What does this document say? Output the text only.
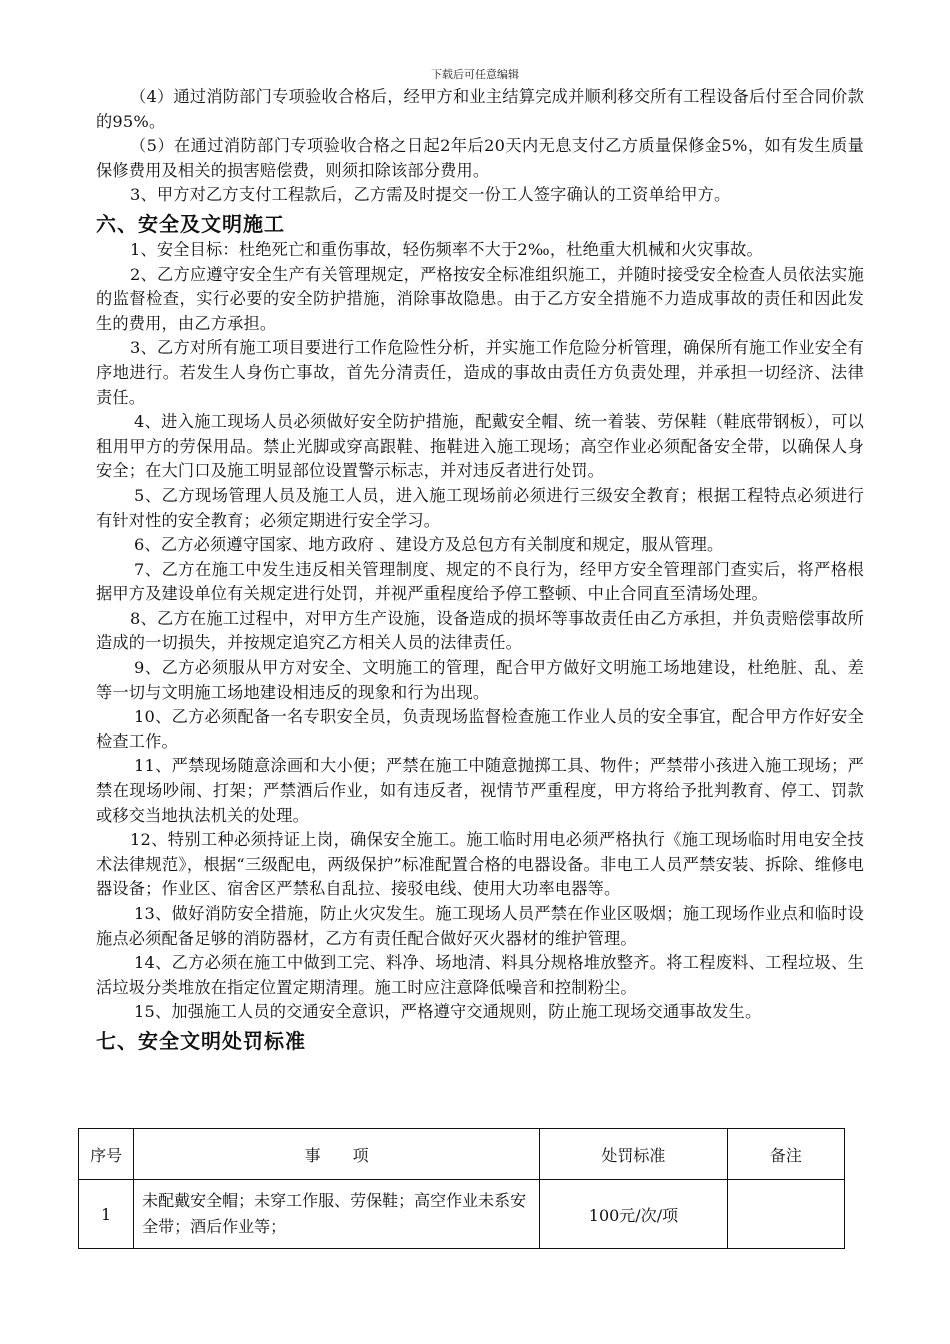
下载后可任意编辑

（4）通过消防部门专项验收合格后，经甲方和业主结算完成并顺利移交所有工程设备后付至合同价款的95%。

（5）在通过消防部门专项验收合格之日起2年后20天内无息支付乙方质量保修金5%，如有发生质量保修费用及相关的损害赔偿费，则须扣除该部分费用。

3、甲方对乙方支付工程款后，乙方需及时提交一份工人签字确认的工资单给甲方。

六、安全及文明施工

1、安全目标：杜绝死亡和重伤事故，轻伤频率不大于2‰，杜绝重大机械和火灾事故。

2、乙方应遵守安全生产有关管理规定，严格按安全标准组织施工，并随时接受安全检查人员依法实施的监督检查，实行必要的安全防护措施，消除事故隐患。由于乙方安全措施不力造成事故的责任和因此发生的费用，由乙方承担。

3、乙方对所有施工项目要进行工作危险性分析，并实施工作危险分析管理，确保所有施工作业安全有序地进行。若发生人身伤亡事故，首先分清责任，造成的事故由责任方负责处理，并承担一切经济、法律责任。

4、进入施工现场人员必须做好安全防护措施，配戴安全帽、统一着装、劳保鞋（鞋底带钢板），可以租用甲方的劳保用品。禁止光脚或穿高跟鞋、拖鞋进入施工现场；高空作业必须配备安全带，以确保人身安全；在大门口及施工明显部位设置警示标志，并对违反者进行处罚。

5、乙方现场管理人员及施工人员，进入施工现场前必须进行三级安全教育；根据工程特点必须进行有针对性的安全教育；必须定期进行安全学习。

6、乙方必须遵守国家、地方政府 、建设方及总包方有关制度和规定，服从管理。

7、乙方在施工中发生违反相关管理制度、规定的不良行为，经甲方安全管理部门查实后，将严格根据甲方及建设单位有关规定进行处罚，并视严重程度给予停工整顿、中止合同直至清场处理。

8、乙方在施工过程中，对甲方生产设施，设备造成的损坏等事故责任由乙方承担，并负责赔偿事故所造成的一切损失，并按规定追究乙方相关人员的法律责任。

9、乙方必须服从甲方对安全、文明施工的管理，配合甲方做好文明施工场地建设，杜绝脏、乱、差等一切与文明施工场地建设相违反的现象和行为出现。

10、乙方必须配备一名专职安全员，负责现场监督检查施工作业人员的安全事宜，配合甲方作好安全检查工作。

11、严禁现场随意涂画和大小便；严禁在施工中随意抛掷工具、物件；严禁带小孩进入施工现场；严禁在现场吵闹、打架；严禁酒后作业，如有违反者，视情节严重程度，甲方将给予批判教育、停工、罚款或移交当地执法机关的处理。

12、特别工种必须持证上岗，确保安全施工。施工临时用电必须严格执行《施工现场临时用电安全技术法律规范》，根据“三级配电，两级保护”标准配置合格的电器设备。非电工人员严禁安装、拆除、维修电器设备；作业区、宿舍区严禁私自乱拉、接驳电线、使用大功率电器等。

13、做好消防安全措施，防止火灾发生。施工现场人员严禁在作业区吸烟；施工现场作业点和临时设施点必须配备足够的消防器材，乙方有责任配合做好灭火器材的维护管理。

14、乙方必须在施工中做到工完、料净、场地清、料具分规格堆放整齐。将工程废料、工程垃圾、生活垃圾分类堆放在指定位置定期清理。施工时应注意降低噪音和控制粉尘。

15、加强施工人员的交通安全意识，严格遵守交通规则，防止施工现场交通事故发生。

七、安全文明处罚标准
序号	事　　项	处罚标准	备注
1	未配戴安全帽；未穿工作服、劳保鞋；高空作业未系安全带；酒后作业等；	100元/次/项	
